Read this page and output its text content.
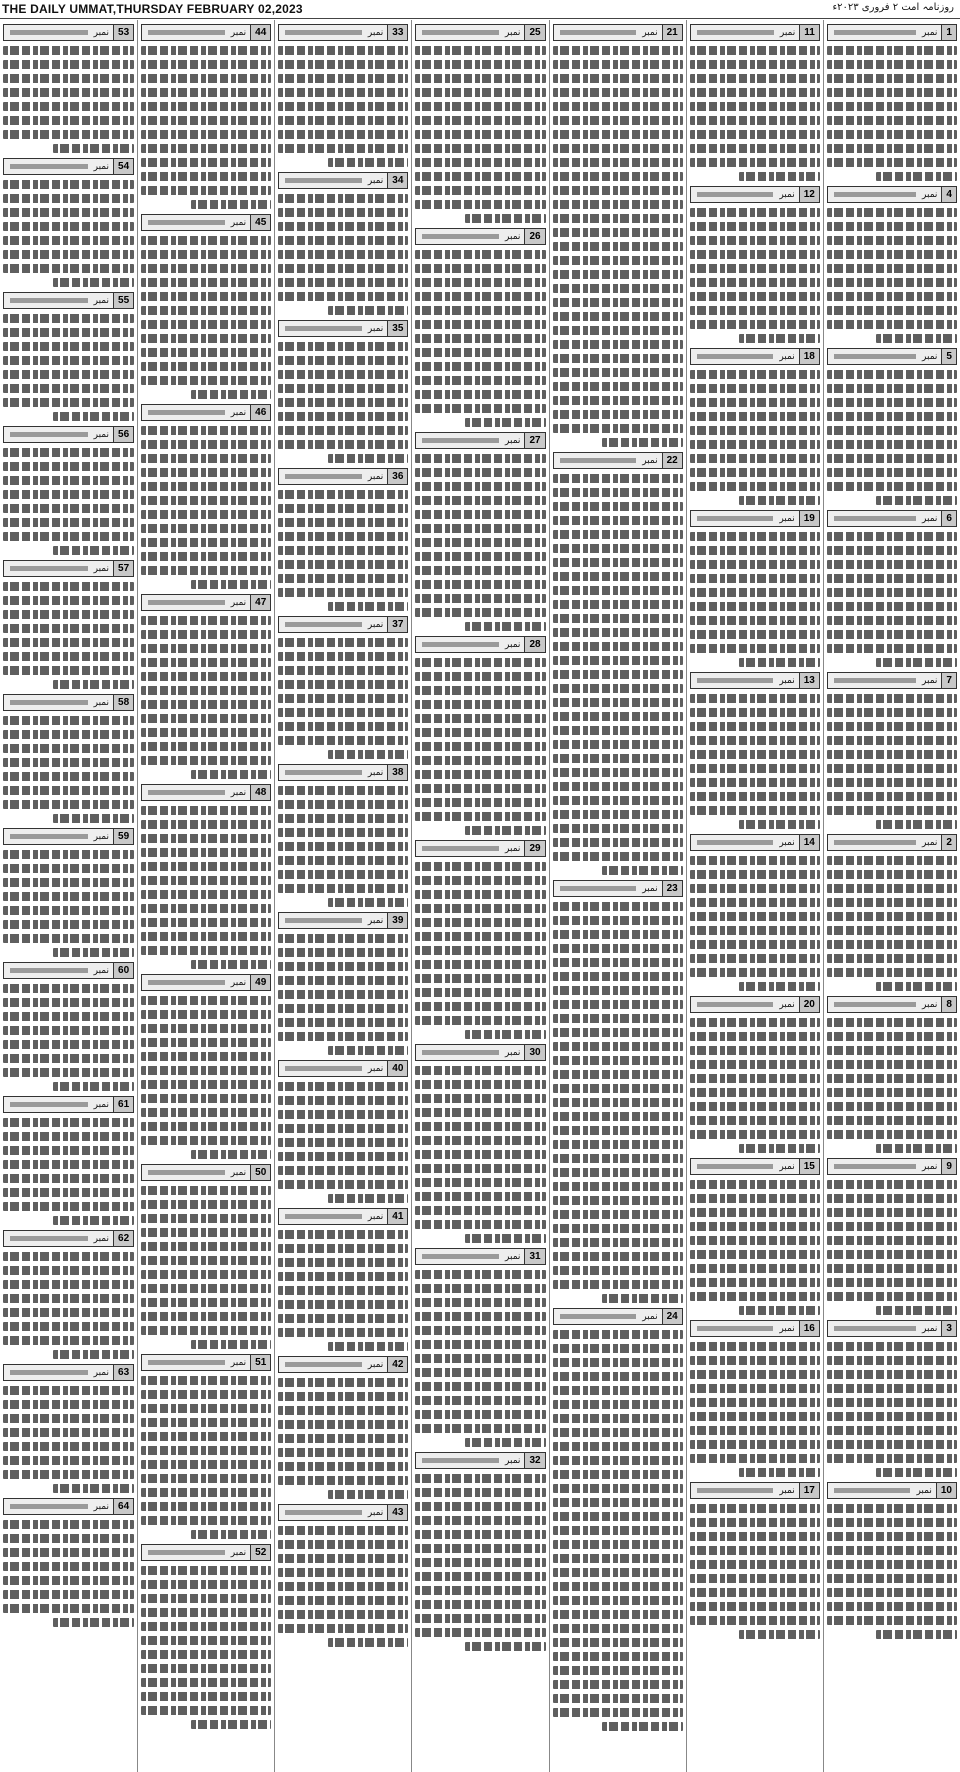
THE DAILY UMMAT,THURSDAY FEBRUARY 02,2023	روزنامہ امت ۲ فروری ۲۰۲۳ء
1
نمبر
4
نمبر
5
نمبر
6
نمبر
7
نمبر
2
نمبر
8
نمبر
9
نمبر
3
نمبر
10
نمبر
11
نمبر
12
نمبر
18
نمبر
19
نمبر
13
نمبر
14
نمبر
20
نمبر
15
نمبر
16
نمبر
17
نمبر
21
نمبر
22
نمبر
23
نمبر
24
نمبر
25
نمبر
26
نمبر
27
نمبر
28
نمبر
29
نمبر
30
نمبر
31
نمبر
32
نمبر
33
نمبر
34
نمبر
35
نمبر
36
نمبر
37
نمبر
38
نمبر
39
نمبر
40
نمبر
41
نمبر
42
نمبر
43
نمبر
44
نمبر
45
نمبر
46
نمبر
47
نمبر
48
نمبر
49
نمبر
50
نمبر
51
نمبر
52
نمبر
53
نمبر
54
نمبر
55
نمبر
56
نمبر
57
نمبر
58
نمبر
59
نمبر
60
نمبر
61
نمبر
62
نمبر
63
نمبر
64
نمبر
